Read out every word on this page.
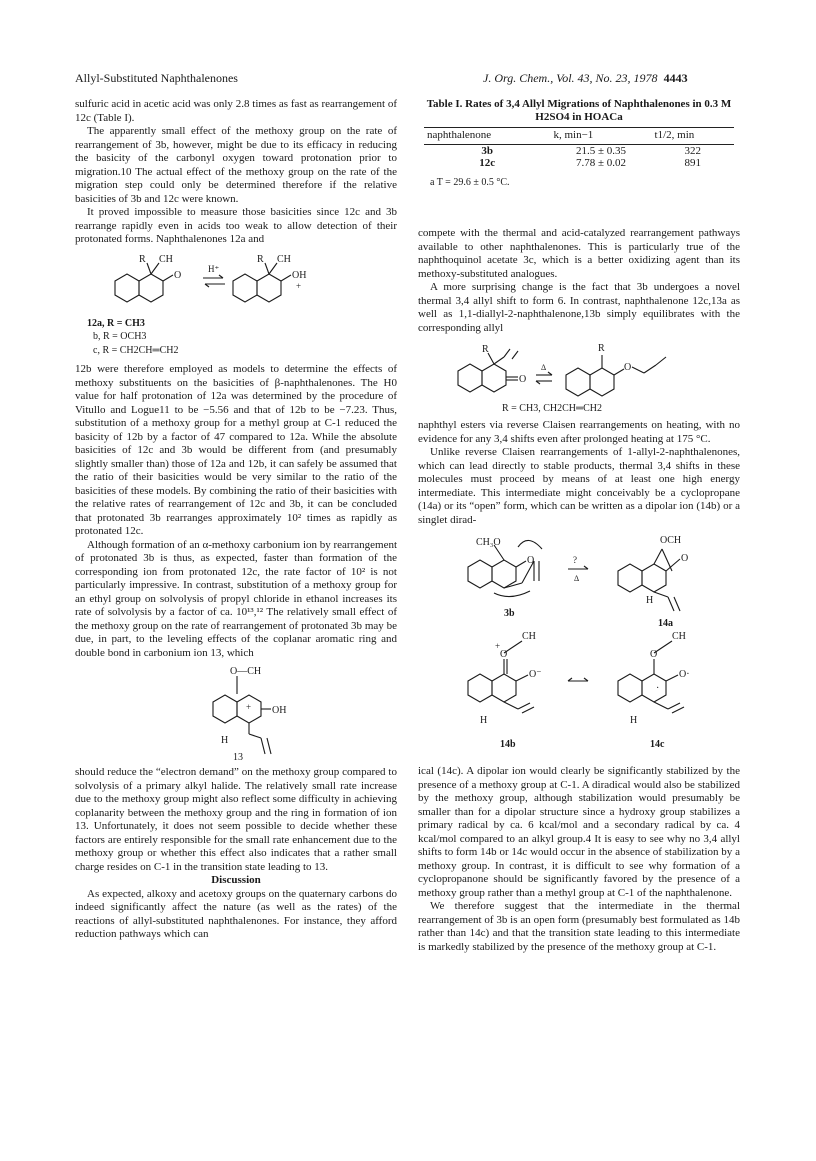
Allyl-Substituted Naphthalenones	J. Org. Chem., Vol. 43, No. 23, 1978 4443

sulfuric acid in acetic acid was only 2.8 times as fast as rearrangement of 12c (Table I).

The apparently small effect of the methoxy group on the rate of rearrangement of 3b, however, might be due to its efficacy in reducing the basicity of the carbonyl oxygen toward protonation prior to migration.10 The actual effect of the methoxy group on the rate of the migration step could only be determined therefore if the relative basicities of 3b and 12c were known.

It proved impossible to measure those basicities since 12c and 3b rearrange rapidly even in acids too weak to allow detection of their protonated forms. Naphthalenones 12a and

R CH
O
H⁺
R CH
OH
+
12a, R = CH3
b, R = OCH3
c, R = CH2CH═CH2

12b were therefore employed as models to determine the effects of methoxy substituents on the basicities of β-naphthalenones. The H0 value for half protonation of 12a was determined by the procedure of Vitullo and Logue11 to be −5.56 and that of 12b to be −7.23. Thus, substitution of a methoxy group for a methyl group at C-1 reduced the basicity of 12b by a factor of 47 compared to 12a. While the absolute basicities of 12c and 3b would be different from (and presumably slightly smaller than) those of 12a and 12b, it can safely be assumed that the ratio of their basicities would be very similar to the ratio of the basicities of these models. By combining the ratio of their basicities with the relative rates of rearrangement of 12c and 3b, it can be concluded that protonated 3b rearranges approximately 10² times as rapidly as protonated 12c.

Although formation of an α-methoxy carbonium ion by rearrangement of protonated 3b is thus, as expected, faster than formation of the corresponding ion from protonated 12c, the rate factor of 10² is not particularly impressive. In contrast, substitution of a methoxy group for an ethyl group on solvolysis of propyl chloride in ethanol increases its rate of solvolysis by a factor of ca. 10¹³,¹² The relatively small effect of the methoxy group on the rate of rearrangement of protonated 3b may be due, in part, to the leveling effects of the coplanar aromatic ring and double bond in carbonium ion 13, which

O—CH
+ OH
H
13

should reduce the “electron demand” on the methoxy group compared to solvolysis of a primary alkyl halide. The relatively small rate increase due to the methoxy group might also reflect some difficulty in achieving coplanarity between the methoxy group and the ring in formation of ion 13. Unfortunately, it does not seem possible to decide whether these factors are entirely responsible for the small rate enhancement due to the methoxy group or whether this effect also indicates that a rather small charge resides on C-1 in the transition state leading to 13.

Discussion

As expected, alkoxy and acetoxy groups on the quaternary carbons do indeed significantly affect the nature (as well as the rates) of the reactions of allyl-substituted naphthalenones. For instance, they afford reduction pathways which can

Table I. Rates of 3,4 Allyl Migrations of Naphthalenones in 0.3 M H2SO4 in HOACa
naphthalenone	k, min−1	t1/2, min
3b	21.5 ± 0.35	322
12c	7.78 ± 0.02	891
a T = 29.6 ± 0.5 °C.

compete with the thermal and acid-catalyzed rearrangement pathways available to other naphthalenones. This is particularly true of the naphthoquinol acetate 3c, which is a better oxidizing agent than its methoxy-substituted analogues.

A more surprising change is the fact that 3b undergoes a novel thermal 3,4 allyl shift to form 6. In contrast, naphthalenone 12c,13a as well as 1,1-diallyl-2-naphthalenone,13b simply equilibrates with the corresponding allyl

R
O
Δ
R
O
R = CH3, CH2CH═CH2

naphthyl esters via reverse Claisen rearrangements on heating, with no evidence for any 3,4 shifts even after prolonged heating at 175 °C.

Unlike reverse Claisen rearrangements of 1-allyl-2-naphthalenones, which can lead directly to stable products, thermal 3,4 shifts in these molecules must proceed by means of at least one high energy intermediate. This intermediate might conceivably be a cyclopropane (14a) or its “open” form, which can be written as a dipolar ion (14b) or a singlet dirad-

CH₃O
O	?
Δ
OCH
O
H
3b
14a
CH
O
+
O⁻
H
CH
O
O·
·
H
14b	14c

ical (14c). A dipolar ion would clearly be significantly stabilized by the presence of a methoxy group at C-1. A diradical would also be stabilized by the methoxy group, although stabilization would presumably be smaller than for a dipolar structure since a hydroxy group stabilizes a primary radical by ca. 6 kcal/mol and a secondary radical by ca. 4 kcal/mol compared to an alkyl group.4 It is easy to see why no 3,4 allyl shifts to form 14b or 14c would occur in the absence of stabilization by a methoxy group. In contrast, it is difficult to see why formation of a cyclopropanone should be significantly favored by the presence of a methoxy group rather than a methyl group at C-1 of the naphthalenone.

We therefore suggest that the intermediate in the thermal rearrangement of 3b is an open form (presumably best formulated as 14b rather than 14c) and that the transition state leading to this intermediate is markedly stabilized by the presence of the methoxy group at C-1.
